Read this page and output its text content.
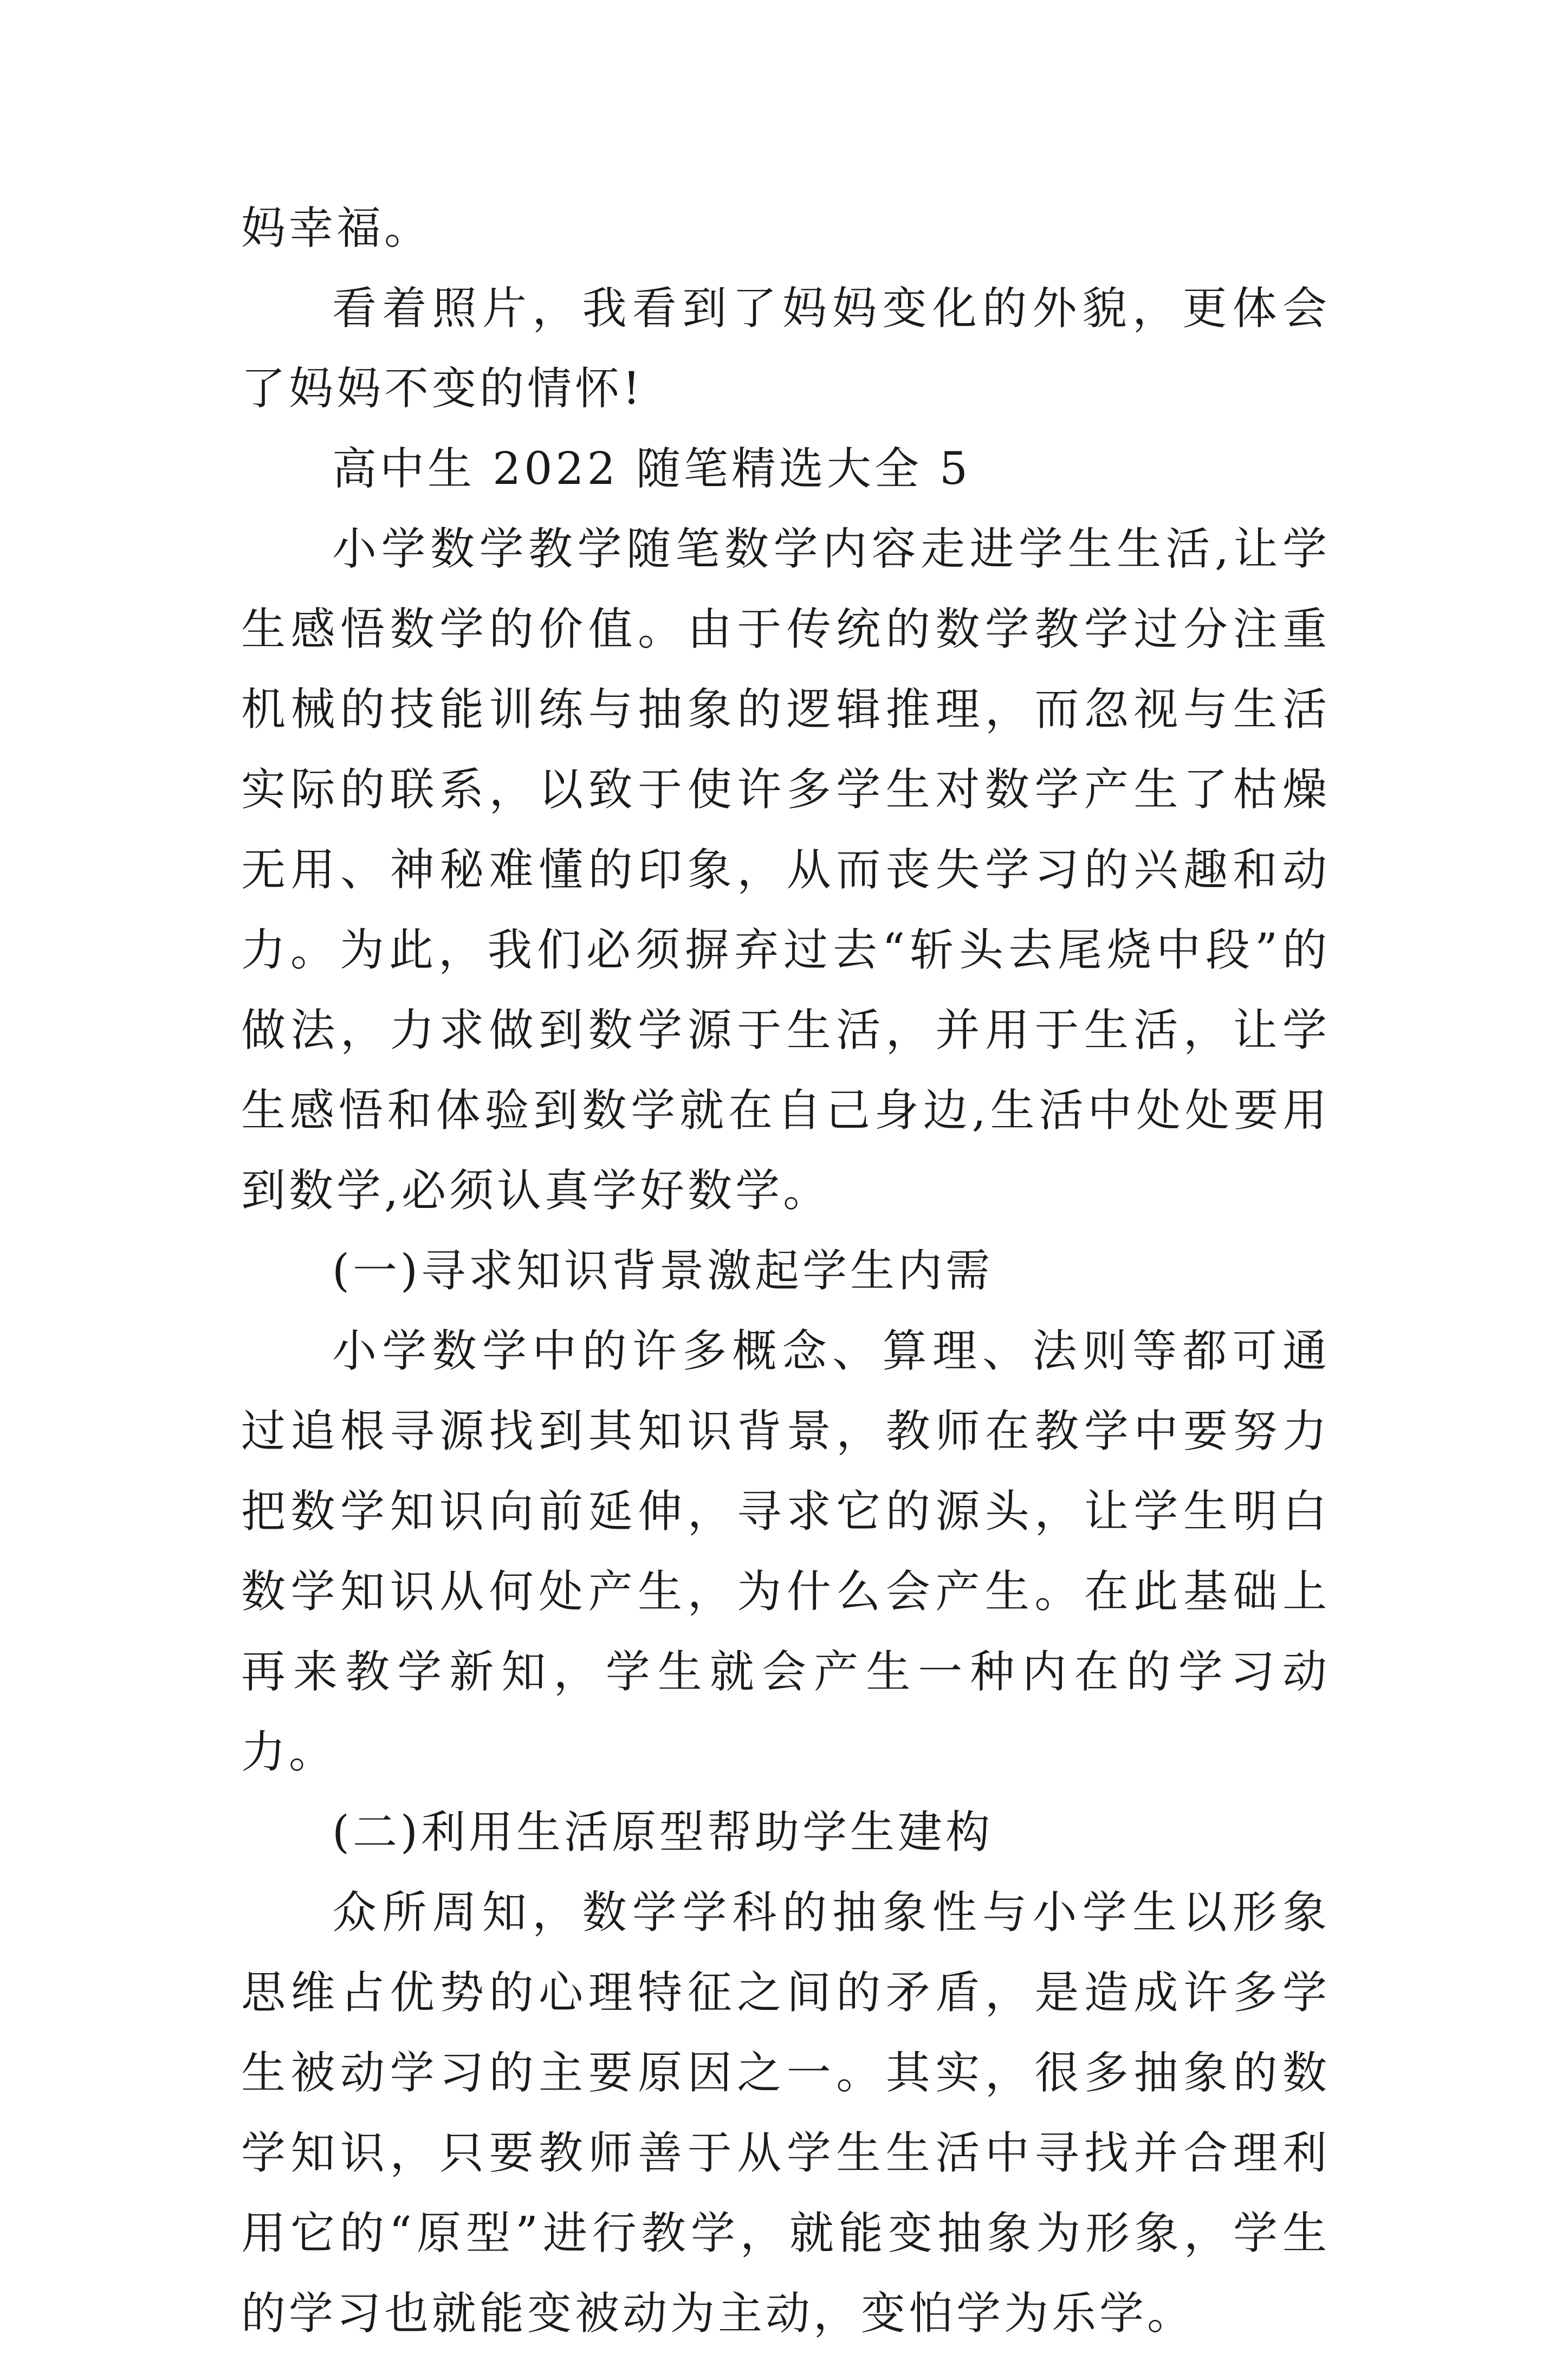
妈幸福。

看着照片，我看到了妈妈变化的外貌，更体会了妈妈不变的情怀!

高中生 2022 随笔精选大全 5

小学数学教学随笔数学内容走进学生生活,让学生感悟数学的价值。由于传统的数学教学过分注重机械的技能训练与抽象的逻辑推理，而忽视与生活实际的联系，以致于使许多学生对数学产生了枯燥无用、神秘难懂的印象，从而丧失学习的兴趣和动力。为此，我们必须摒弃过去“斩头去尾烧中段”的做法，力求做到数学源于生活，并用于生活，让学生感悟和体验到数学就在自己身边,生活中处处要用到数学,必须认真学好数学。

(一)寻求知识背景激起学生内需

小学数学中的许多概念、算理、法则等都可通过追根寻源找到其知识背景，教师在教学中要努力把数学知识向前延伸，寻求它的源头，让学生明白数学知识从何处产生，为什么会产生。在此基础上再来教学新知，学生就会产生一种内在的学习动力。

(二)利用生活原型帮助学生建构

众所周知，数学学科的抽象性与小学生以形象思维占优势的心理特征之间的矛盾，是造成许多学生被动学习的主要原因之一。其实，很多抽象的数学知识，只要教师善于从学生生活中寻找并合理利用它的“原型”进行教学，就能变抽象为形象，学生的学习也就能变被动为主动，变怕学为乐学。
